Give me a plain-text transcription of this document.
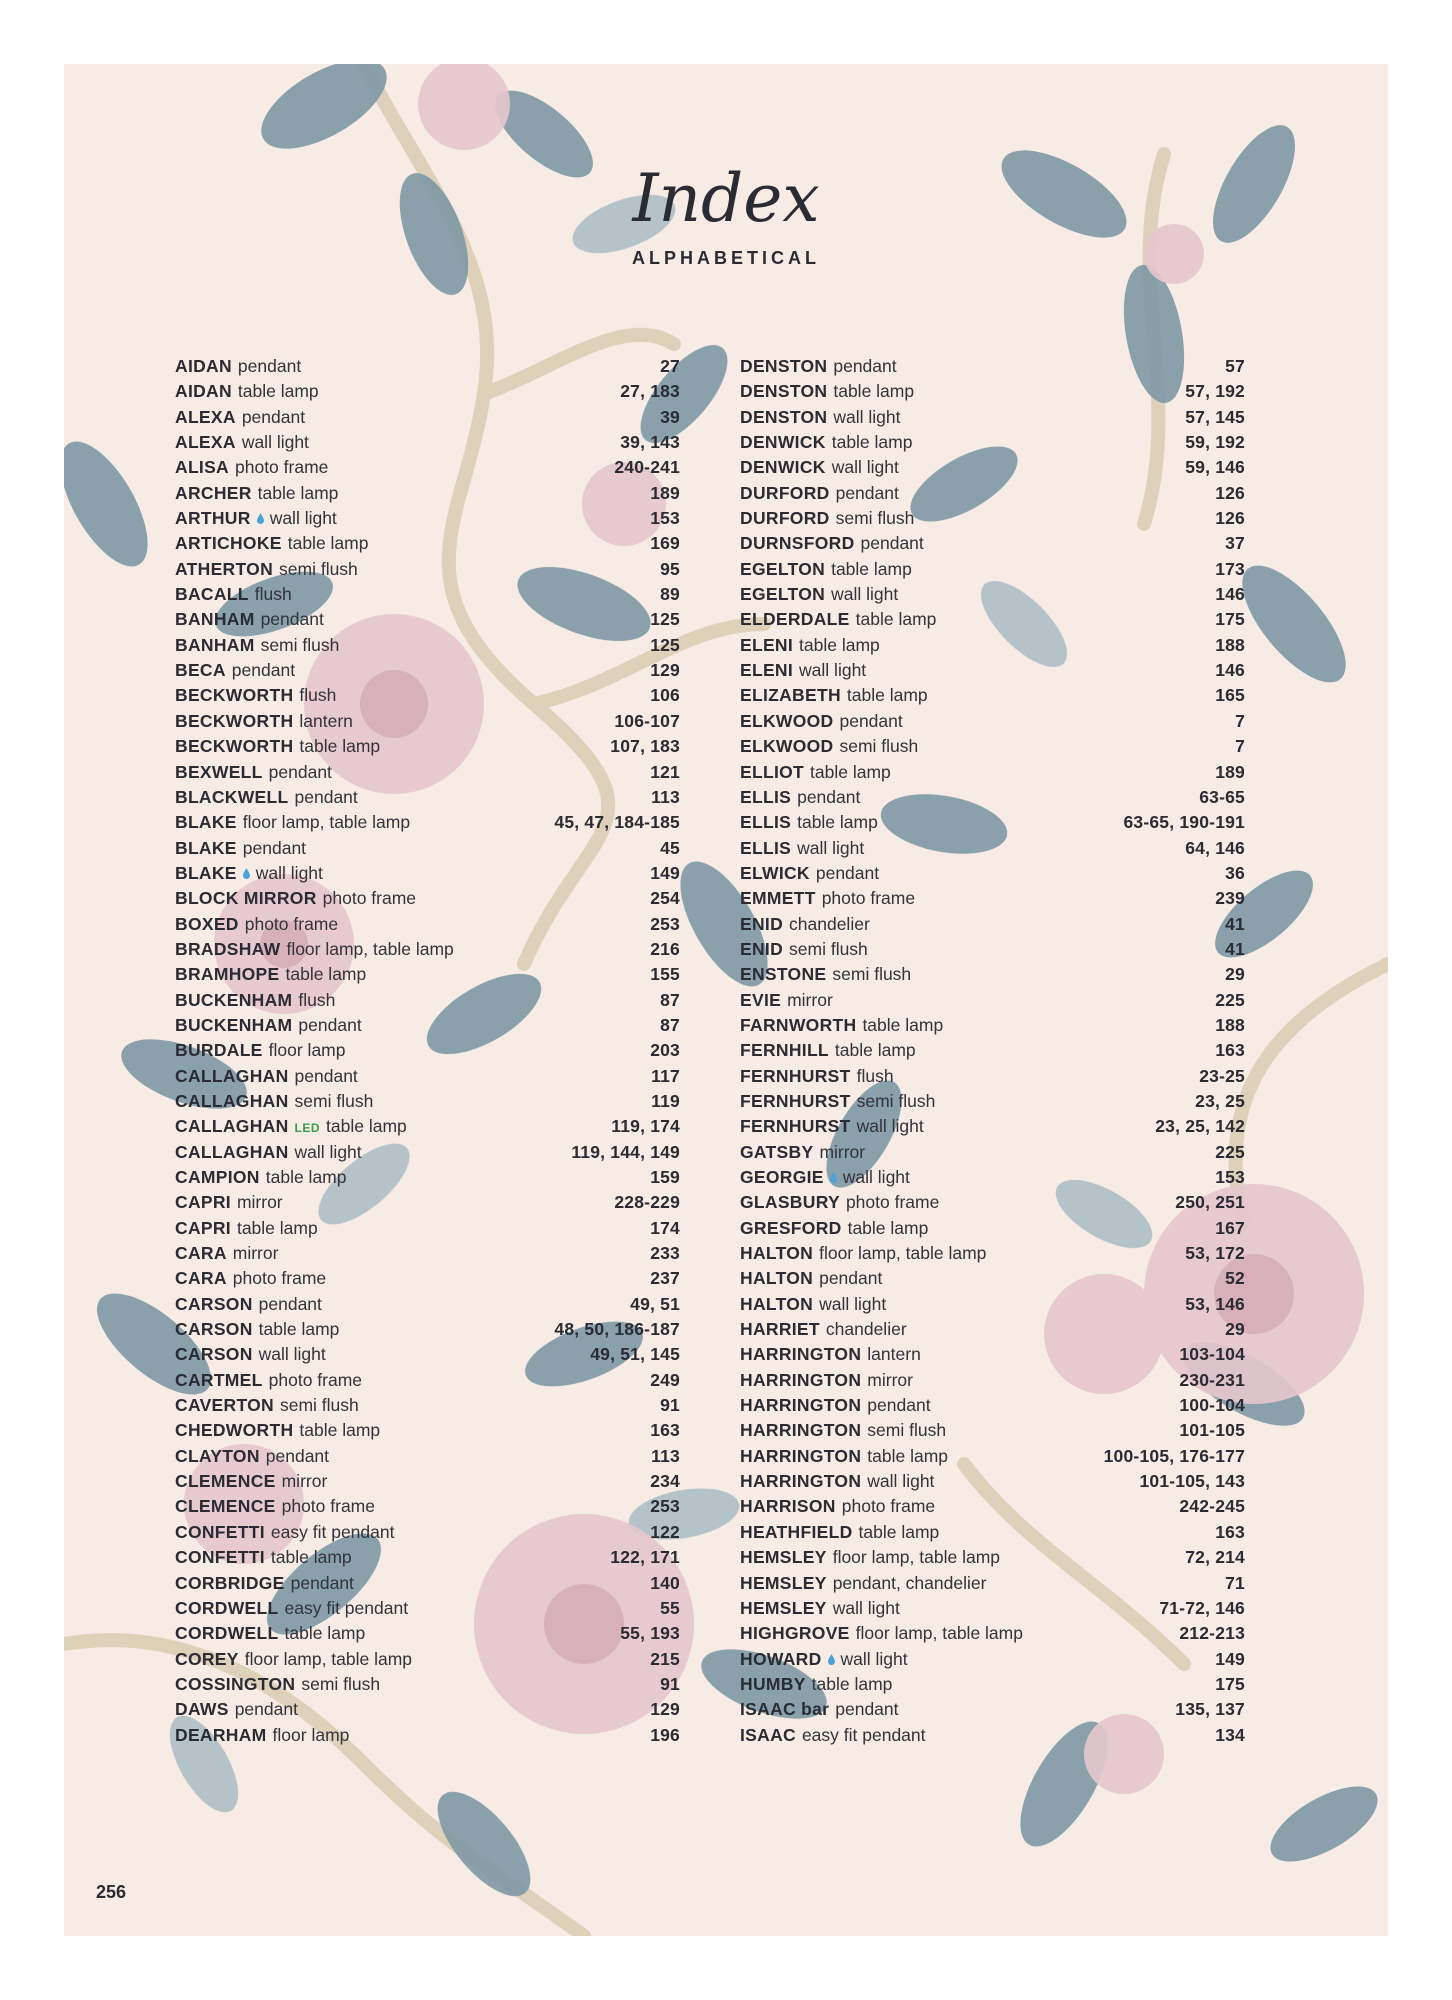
Index
ALPHABETICAL
AIDAN pendant	27
AIDAN table lamp	27, 183
ALEXA pendant	39
ALEXA wall light	39, 143
ALISA photo frame	240-241
ARCHER table lamp	189
ARTHUR wall light	153
ARTICHOKE table lamp	169
ATHERTON semi flush	95
BACALL flush	89
BANHAM pendant	125
BANHAM semi flush	125
BECA pendant	129
BECKWORTH flush	106
BECKWORTH lantern	106-107
BECKWORTH table lamp	107, 183
BEXWELL pendant	121
BLACKWELL pendant	113
BLAKE floor lamp, table lamp	45, 47, 184-185
BLAKE pendant	45
BLAKE wall light	149
BLOCK MIRROR photo frame	254
BOXED photo frame	253
BRADSHAW floor lamp, table lamp	216
BRAMHOPE table lamp	155
BUCKENHAM flush	87
BUCKENHAM pendant	87
BURDALE floor lamp	203
CALLAGHAN pendant	117
CALLAGHAN semi flush	119
CALLAGHAN LED table lamp	119, 174
CALLAGHAN wall light	119, 144, 149
CAMPION table lamp	159
CAPRI mirror	228-229
CAPRI table lamp	174
CARA mirror	233
CARA photo frame	237
CARSON pendant	49, 51
CARSON table lamp	48, 50, 186-187
CARSON wall light	49, 51, 145
CARTMEL photo frame	249
CAVERTON semi flush	91
CHEDWORTH table lamp	163
CLAYTON pendant	113
CLEMENCE mirror	234
CLEMENCE photo frame	253
CONFETTI easy fit pendant	122
CONFETTI table lamp	122, 171
CORBRIDGE pendant	140
CORDWELL easy fit pendant	55
CORDWELL table lamp	55, 193
COREY floor lamp, table lamp	215
COSSINGTON semi flush	91
DAWS pendant	129
DEARHAM floor lamp	196
DENSTON pendant	57
DENSTON table lamp	57, 192
DENSTON wall light	57, 145
DENWICK table lamp	59, 192
DENWICK wall light	59, 146
DURFORD pendant	126
DURFORD semi flush	126
DURNSFORD pendant	37
EGELTON table lamp	173
EGELTON wall light	146
ELDERDALE table lamp	175
ELENI table lamp	188
ELENI wall light	146
ELIZABETH table lamp	165
ELKWOOD pendant	7
ELKWOOD semi flush	7
ELLIOT table lamp	189
ELLIS pendant	63-65
ELLIS table lamp	63-65, 190-191
ELLIS wall light	64, 146
ELWICK pendant	36
EMMETT photo frame	239
ENID chandelier	41
ENID semi flush	41
ENSTONE semi flush	29
EVIE mirror	225
FARNWORTH table lamp	188
FERNHILL table lamp	163
FERNHURST flush	23-25
FERNHURST semi flush	23, 25
FERNHURST wall light	23, 25, 142
GATSBY mirror	225
GEORGIE wall light	153
GLASBURY photo frame	250, 251
GRESFORD table lamp	167
HALTON floor lamp, table lamp	53, 172
HALTON pendant	52
HALTON wall light	53, 146
HARRIET chandelier	29
HARRINGTON lantern	103-104
HARRINGTON mirror	230-231
HARRINGTON pendant	100-104
HARRINGTON semi flush	101-105
HARRINGTON table lamp	100-105, 176-177
HARRINGTON wall light	101-105, 143
HARRISON photo frame	242-245
HEATHFIELD table lamp	163
HEMSLEY floor lamp, table lamp	72, 214
HEMSLEY pendant, chandelier	71
HEMSLEY wall light	71-72, 146
HIGHGROVE floor lamp, table lamp	212-213
HOWARD wall light	149
HUMBY table lamp	175
ISAAC bar pendant	135, 137
ISAAC easy fit pendant	134
256
